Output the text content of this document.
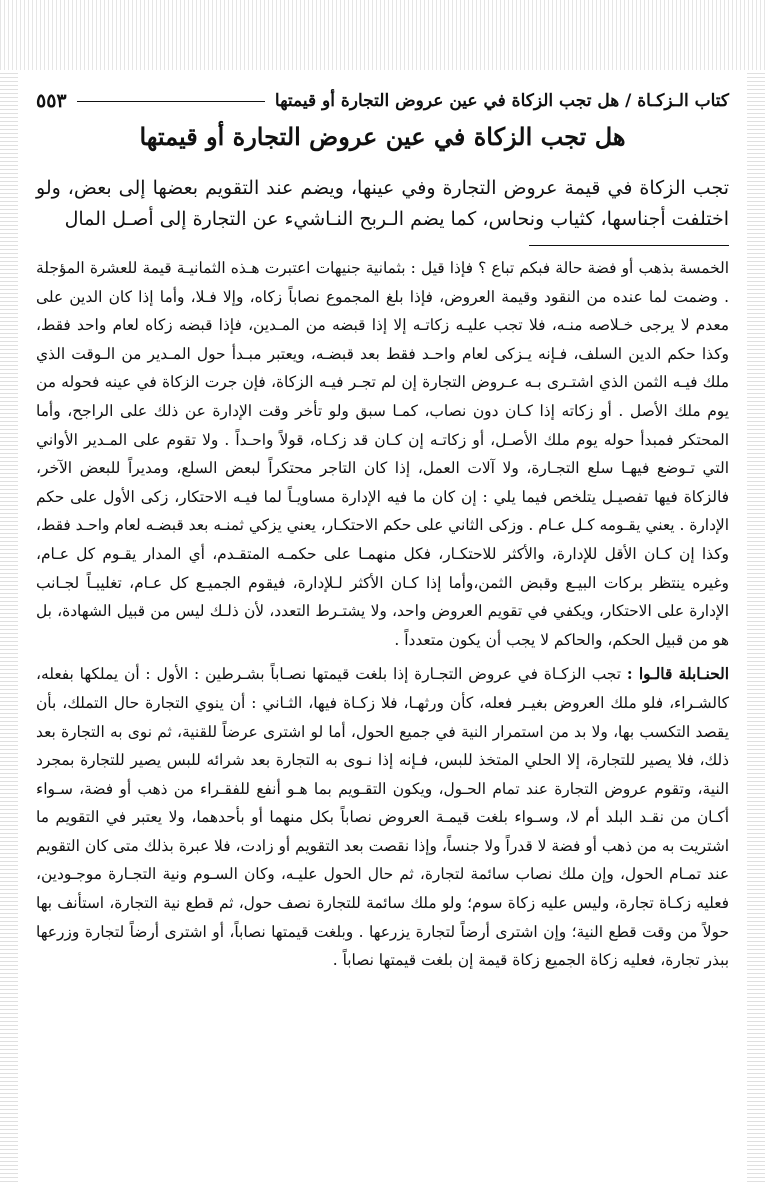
كتاب الـزكـاة / هل تجب الزكاة في عين عروض التجارة أو قيمتها
٥٥٣
هل تجب الزكاة في عين عروض التجارة أو قيمتها

تجب الزكاة في قيمة عروض التجارة وفي عينها، ويضم عند التقويم بعضها إلى بعض، ولو اختلفت أجناسها، كثياب ونحاس، كما يضم الـربح النـاشيء عن التجارة إلى أصـل المال

الخمسة بذهب أو فضة حالة فبكم تباع ؟ فإذا قيل : بثمانية جنيهات اعتبرت هـذه الثمانيـة قيمة للعشرة المؤجلة . وضمت لما عنده من النقود وقيمة العروض، فإذا بلغ المجموع نصاباً زكاه، وإلا فـلا، وأما إذا كان الدين على معدم لا يرجى خـلاصه منـه، فلا تجب عليـه زكاتـه إلا إذا قبضه من المـدين، فإذا قبضه زكاه لعام واحد فقط، وكذا حكم الدين السلف، فـإنه يـزكى لعام واحـد فقط بعد قبضـه، ويعتبر مبـدأ حول المـدير من الـوقت الذي ملك فيـه الثمن الذي اشتـرى بـه عـروض التجارة إن لم تجـر فيـه الزكاة، فإن جرت الزكاة في عينه فحوله من يوم ملك الأصل . أو زكاته إذا كـان دون نصاب، كمـا سبق ولو تأخر وقت الإدارة عن ذلك على الراجح، وأما المحتكر فمبدأ حوله يوم ملك الأصـل، أو زكاتـه إن كـان قد زكـاه، قولاً واحـداً . ولا تقوم على المـدير الأواني التي تـوضع فيهـا سلع التجـارة، ولا آلات العمل، إذا كان التاجر محتكراً لبعض السلع، ومديراً للبعض الآخر، فالزكاة فيها تفصيـل يتلخص فيما يلي : إن كان ما فيه الإدارة مساويـاً لما فيـه الاحتكار، زكى الأول على حكم الإدارة . يعني يقـومه كـل عـام . وزكى الثاني على حكم الاحتكـار، يعني يزكي ثمنـه بعد قبضـه لعام واحـد فقط، وكذا إن كـان الأقل للإدارة، والأكثر للاحتكـار، فكل منهمـا على حكمـه المتقـدم، أي المدار يقـوم كل عـام، وغيره ينتظر بركات البيـع وقبض الثمن،وأما إذا كـان الأكثر لـلإدارة، فيقوم الجميـع كل عـام، تغليبـاً لجـانب الإدارة على الاحتكار، ويكفي في تقويم العروض واحد، ولا يشتـرط التعدد، لأن ذلـك ليس من قبيل الشهادة، بل هو من قبيل الحكم، والحاكم لا يجب أن يكون متعدداً .

الحنـابلة قالـوا : تجب الزكـاة في عروض التجـارة إذا بلغت قيمتها نصـاباً بشـرطين : الأول : أن يملكها بفعله، كالشـراء، فلو ملك العروض بغيـر فعله، كأن ورثهـا، فلا زكـاة فيها، الثـاني : أن ينوي التجارة حال التملك، بأن يقصد التكسب بها، ولا بد من استمرار النية في جميع الحول، أما لو اشترى عرضاً للقنية، ثم نوى به التجارة بعد ذلك، فلا يصير للتجارة، إلا الحلي المتخذ للبس، فـإنه إذا نـوى به التجارة بعد شرائه للبس يصير للتجارة بمجرد النية، وتقوم عروض التجارة عند تمام الحـول، ويكون التقـويم بما هـو أنفع للفقـراء من ذهب أو فضة، سـواء أكـان من نقـد البلد أم لا، وسـواء بلغت قيمـة العروض نصاباً بكل منهما أو بأحدهما، ولا يعتبر في التقويم ما اشتريت به من ذهب أو فضة لا قدراً ولا جنساً، وإذا نقصت بعد التقويم أو زادت، فلا عبرة بذلك متى كان التقويم عند تمـام الحول، وإن ملك نصاب سائمة لتجارة، ثم حال الحول عليـه، وكان السـوم ونية التجـارة موجـودين، فعليه زكـاة تجارة، وليس عليه زكاة سوم؛ ولو ملك سائمة للتجارة نصف حول، ثم قطع نية التجارة، استأنف بها حولاً من وقت قطع النية؛ وإن اشترى أرضاً لتجارة يزرعها . وبلغت قيمتها نصاباً، أو اشترى أرضاً لتجارة وزرعها ببذر تجارة، فعليه زكاة الجميع زكاة قيمة إن بلغت قيمتها نصاباً .
